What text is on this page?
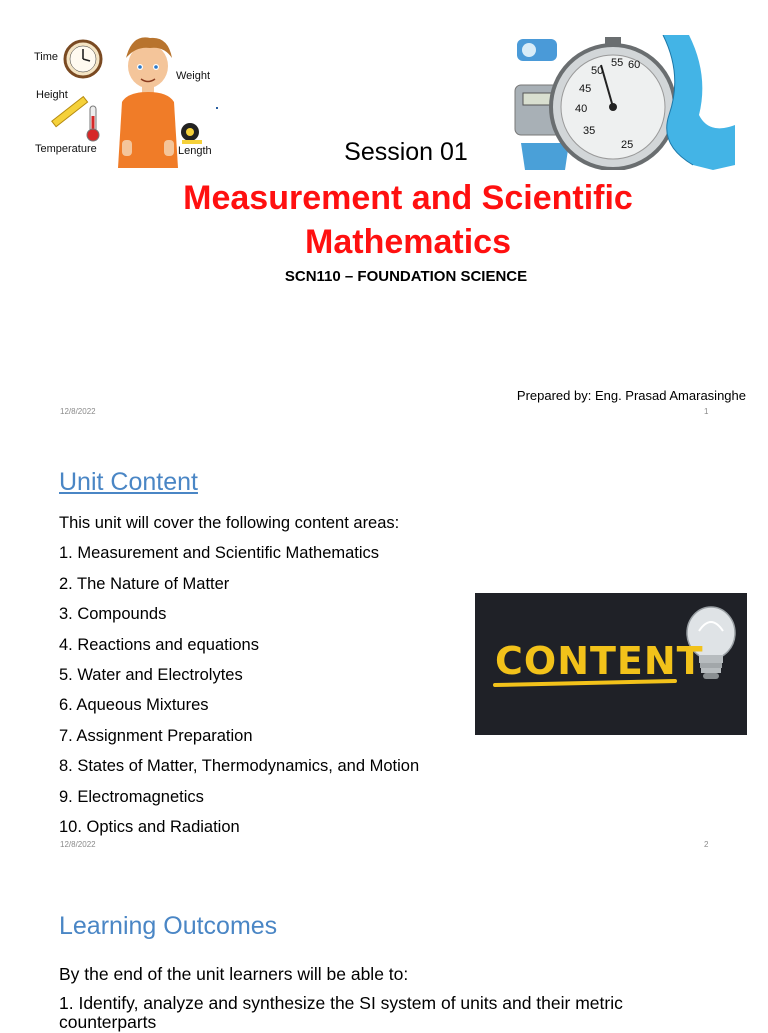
Time
Height
Weight
Temperature	Length
55 60
50
45
40
35
25
Session 01
Measurement and Scientific
Mathematics
SCN110 – FOUNDATION SCIENCE
Prepared by: Eng. Prasad Amarasinghe
12/8/2022	1
Unit Content
This unit will cover the following content areas:
1. Measurement and Scientific Mathematics
2. The Nature of Matter
3. Compounds
4. Reactions and equations
5. Water and Electrolytes
6. Aqueous Mixtures
7. Assignment Preparation
8. States of Matter, Thermodynamics, and Motion
9. Electromagnetics
10. Optics and Radiation
12/8/2022	2
CONTENT
Learning Outcomes
By the end of the unit learners will be able to:
1. Identify, analyze and synthesize the SI system of units and their metric
counterparts
